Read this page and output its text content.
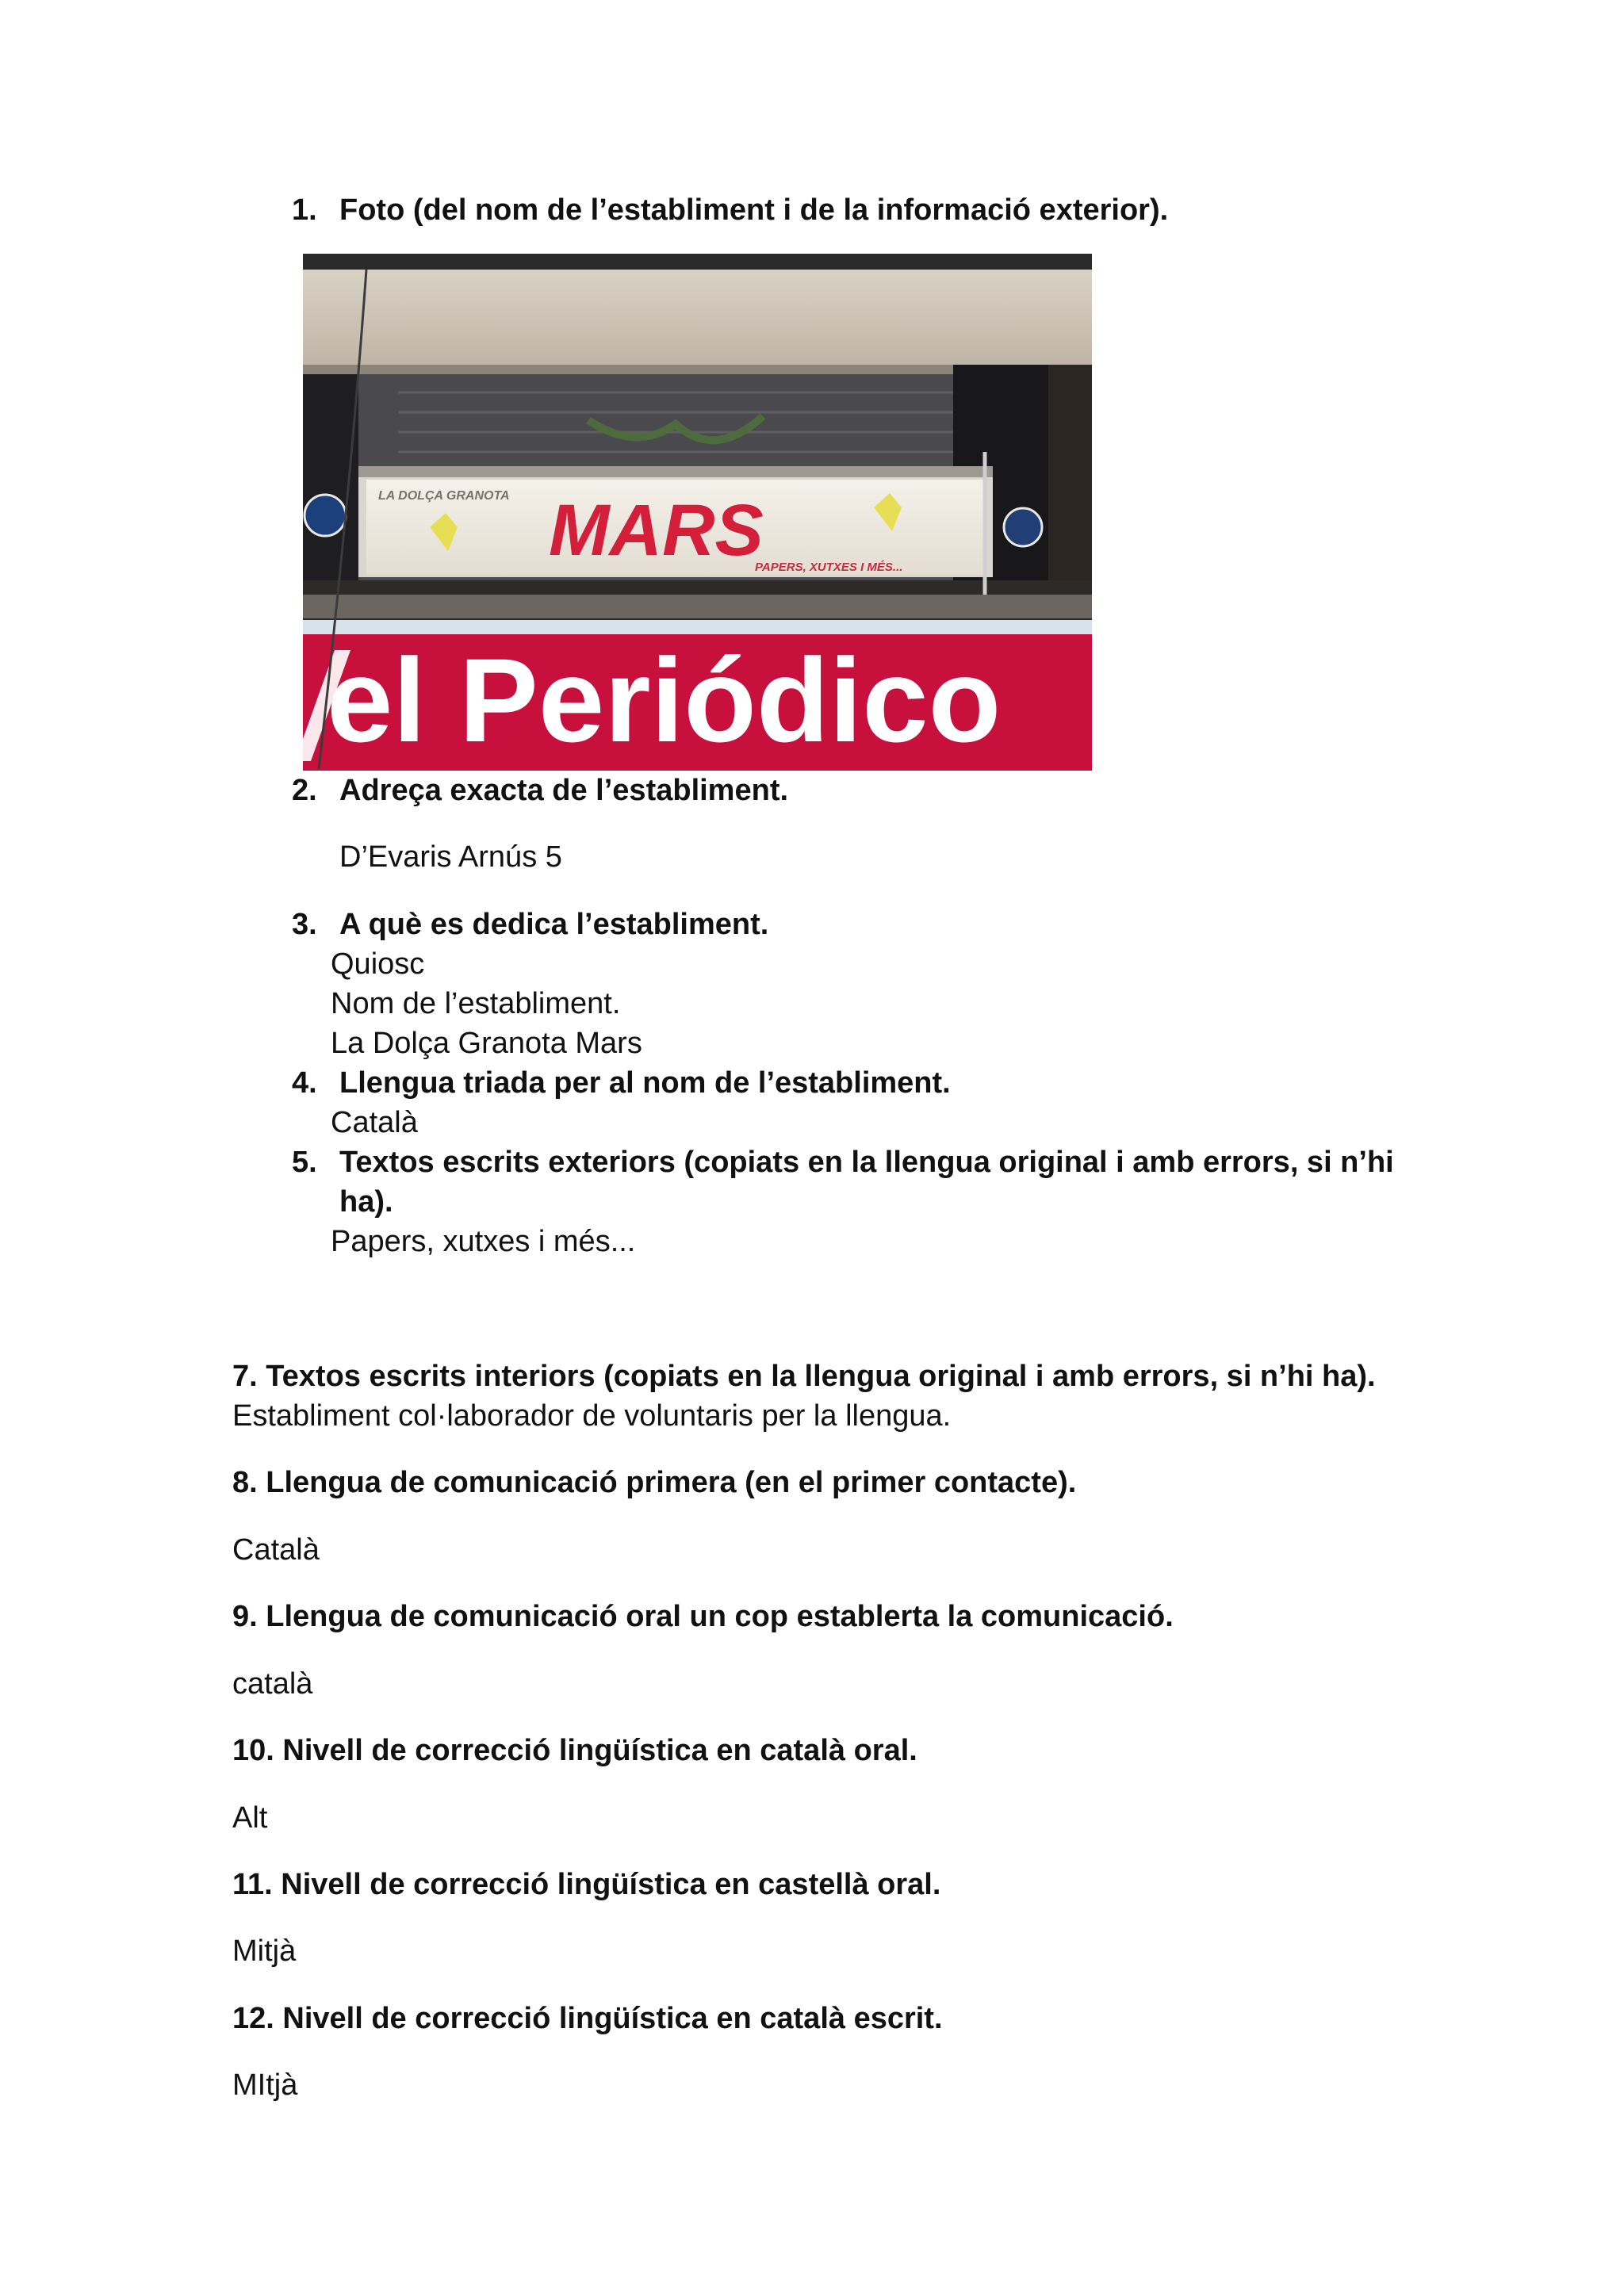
1. Foto (del nom de l’establiment i de la informació exterior).
LA DOLÇA GRANOTA MARS
PAPERS, XUTXES I MÉS...
el Periódico
2. Adreça exacta de l’establiment.
D’Evaris Arnús 5
3. A què es dedica l’establiment.
Quiosc
Nom de l’establiment.
La Dolça Granota Mars
4. Llengua triada per al nom de l’establiment.
Català
5. Textos escrits exteriors (copiats en la llengua original i amb errors, si n’hi
ha).
Papers, xutxes i més...
7. Textos escrits interiors (copiats en la llengua original i amb errors, si n’hi ha).
Establiment col·laborador de voluntaris per la llengua.
8. Llengua de comunicació primera (en el primer contacte).
Català
9. Llengua de comunicació oral un cop establerta la comunicació.
català
10. Nivell de correcció lingüística en català oral.
Alt
11. Nivell de correcció lingüística en castellà oral.
Mitjà
12. Nivell de correcció lingüística en català escrit.
MItjà
